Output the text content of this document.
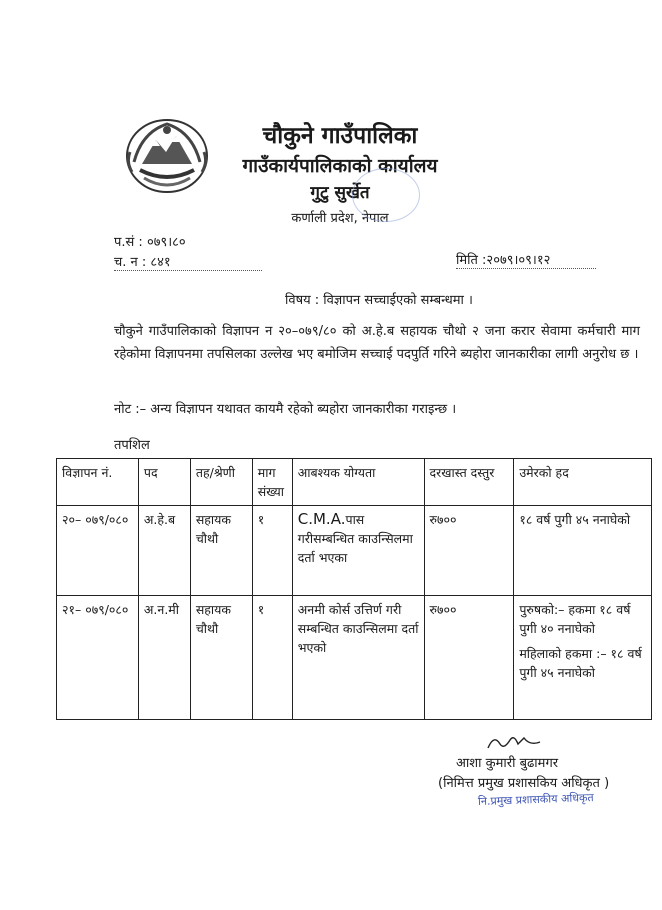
चौकुने गाउँपालिका
गाउँकार्यपालिकाको कार्यालय
गुटु सुर्खेत
कर्णाली प्रदेश, नेपाल
प.सं : ०७९।८०
च. न : ८४१	मिति :२०७९।०९।१२
विषय : विज्ञापन सच्चाईएको सम्बन्धमा ।
चौकुने गाउँपालिकाको विज्ञापन न २०–०७९/८० को अ.हे.ब सहायक चौथो २ जना करार सेवामा कर्मचारी माग रहेकोमा विज्ञापनमा तपसिलका उल्लेख भए बमोजिम सच्चाई पदपुर्ति गरिने ब्यहोरा जानकारीका लागी अनुरोध छ ।
नोट :– अन्य विज्ञापन यथावत कायमै रहेको ब्यहोरा जानकारीका गराइन्छ ।
तपशिल
विज्ञापन नं.	पद	तह/श्रेणी	माग संख्या	आबश्यक योग्यता	दरखास्त दस्तुर	उमेरको हद
२०– ०७९/०८०	अ.हे.ब	सहायक चौथौ	१	C.M.A.पास गरीसम्बन्धित काउन्सिलमा दर्ता भएका	रु७००	१८ वर्ष पुगी ४५ ननाघेको
२१– ०७९/०८०	अ.न.मी	सहायक चौथौ	१	अनमी कोर्स उत्तिर्ण गरी सम्बन्धित काउन्सिलमा दर्ता भएको	रु७००	पुरुषको:– हकमा १८ वर्ष पुगी ४० ननाघेको
महिलाको हकमा :– १८ वर्ष पुगी ४५ ननाघेको
आशा कुमारी बुढामगर
(निमित्त प्रमुख प्रशासकिय अधिकृत )
नि.प्रमुख प्रशासकीय अधिकृत
